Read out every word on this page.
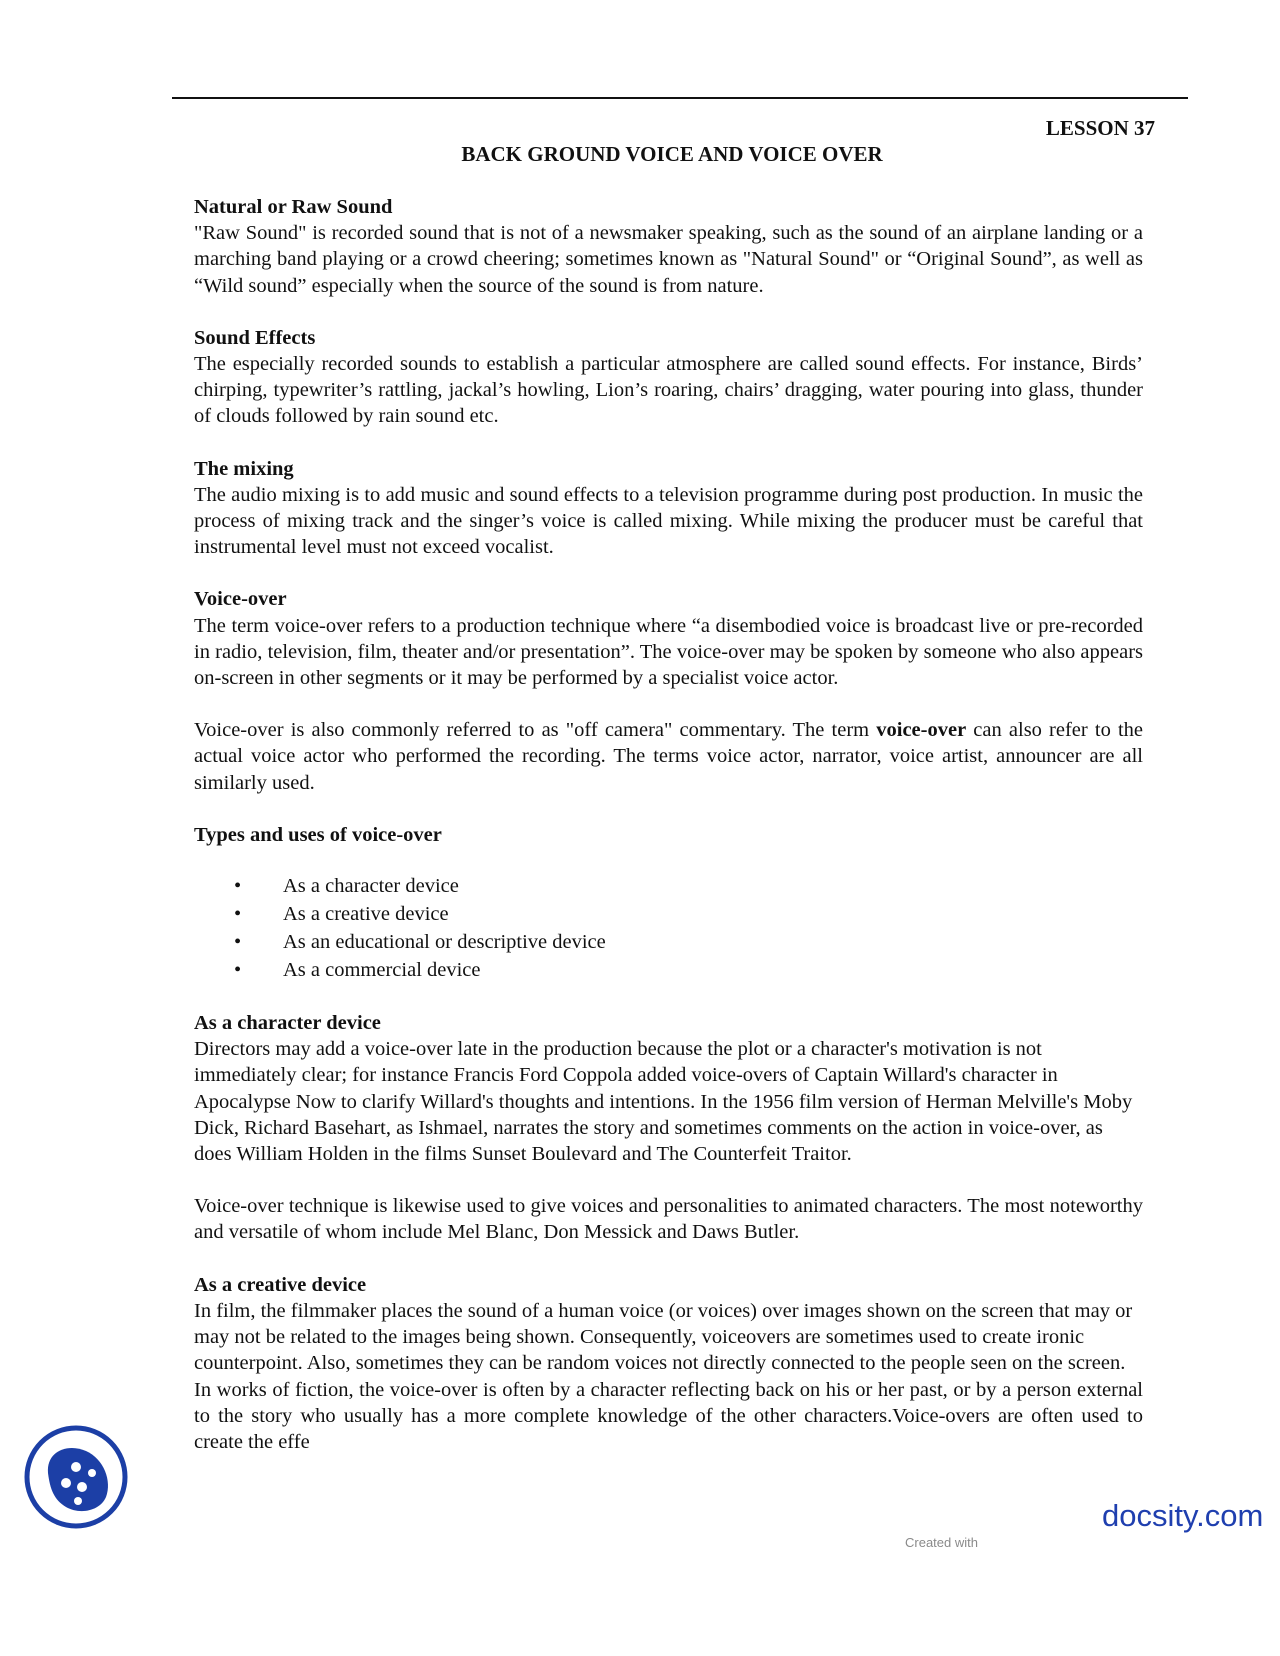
LESSON 37
BACK GROUND VOICE AND VOICE OVER

Natural or Raw Sound

"Raw Sound" is recorded sound that is not of a newsmaker speaking, such as the sound of an airplane landing or a marching band playing or a crowd cheering; sometimes known as "Natural Sound" or “Original Sound”, as well as “Wild sound” especially when the source of the sound is from nature.

Sound Effects

The especially recorded sounds to establish a particular atmosphere are called sound effects. For instance, Birds’ chirping, typewriter’s rattling, jackal’s howling, Lion’s roaring, chairs’ dragging, water pouring into glass, thunder of clouds followed by rain sound etc.

The mixing

The audio mixing is to add music and sound effects to a television programme during post production. In music the process of mixing track and the singer’s voice is called mixing. While mixing the producer must be careful that instrumental level must not exceed vocalist.

Voice-over

The term voice-over refers to a production technique where “a disembodied voice is broadcast live or pre-recorded in radio, television, film, theater and/or presentation”. The voice-over may be spoken by someone who also appears on-screen in other segments or it may be performed by a specialist voice actor.

Voice-over is also commonly referred to as "off camera" commentary. The term voice-over can also refer to the actual voice actor who performed the recording. The terms voice actor, narrator, voice artist, announcer are all similarly used.

Types and uses of voice-over

• As a character device
• As a creative device
• As an educational or descriptive device
• As a commercial device

As a character device

Directors may add a voice-over late in the production because the plot or a character's motivation is not immediately clear; for instance Francis Ford Coppola added voice-overs of Captain Willard's character in Apocalypse Now to clarify Willard's thoughts and intentions. In the 1956 film version of Herman Melville's Moby Dick, Richard Basehart, as Ishmael, narrates the story and sometimes comments on the action in voice-over, as does William Holden in the films Sunset Boulevard and The Counterfeit Traitor.

Voice-over technique is likewise used to give voices and personalities to animated characters. The most noteworthy and versatile of whom include Mel Blanc, Don Messick and Daws Butler.

As a creative device

In film, the filmmaker places the sound of a human voice (or voices) over images shown on the screen that may or may not be related to the images being shown. Consequently, voiceovers are sometimes used to create ironic counterpoint. Also, sometimes they can be random voices not directly connected to the people seen on the screen.

In works of fiction, the voice-over is often by a character reflecting back on his or her past, or by a person external to the story who usually has a more complete knowledge of the other characters.Voice-overs are often used to create the effe

docsity.com
Created with
